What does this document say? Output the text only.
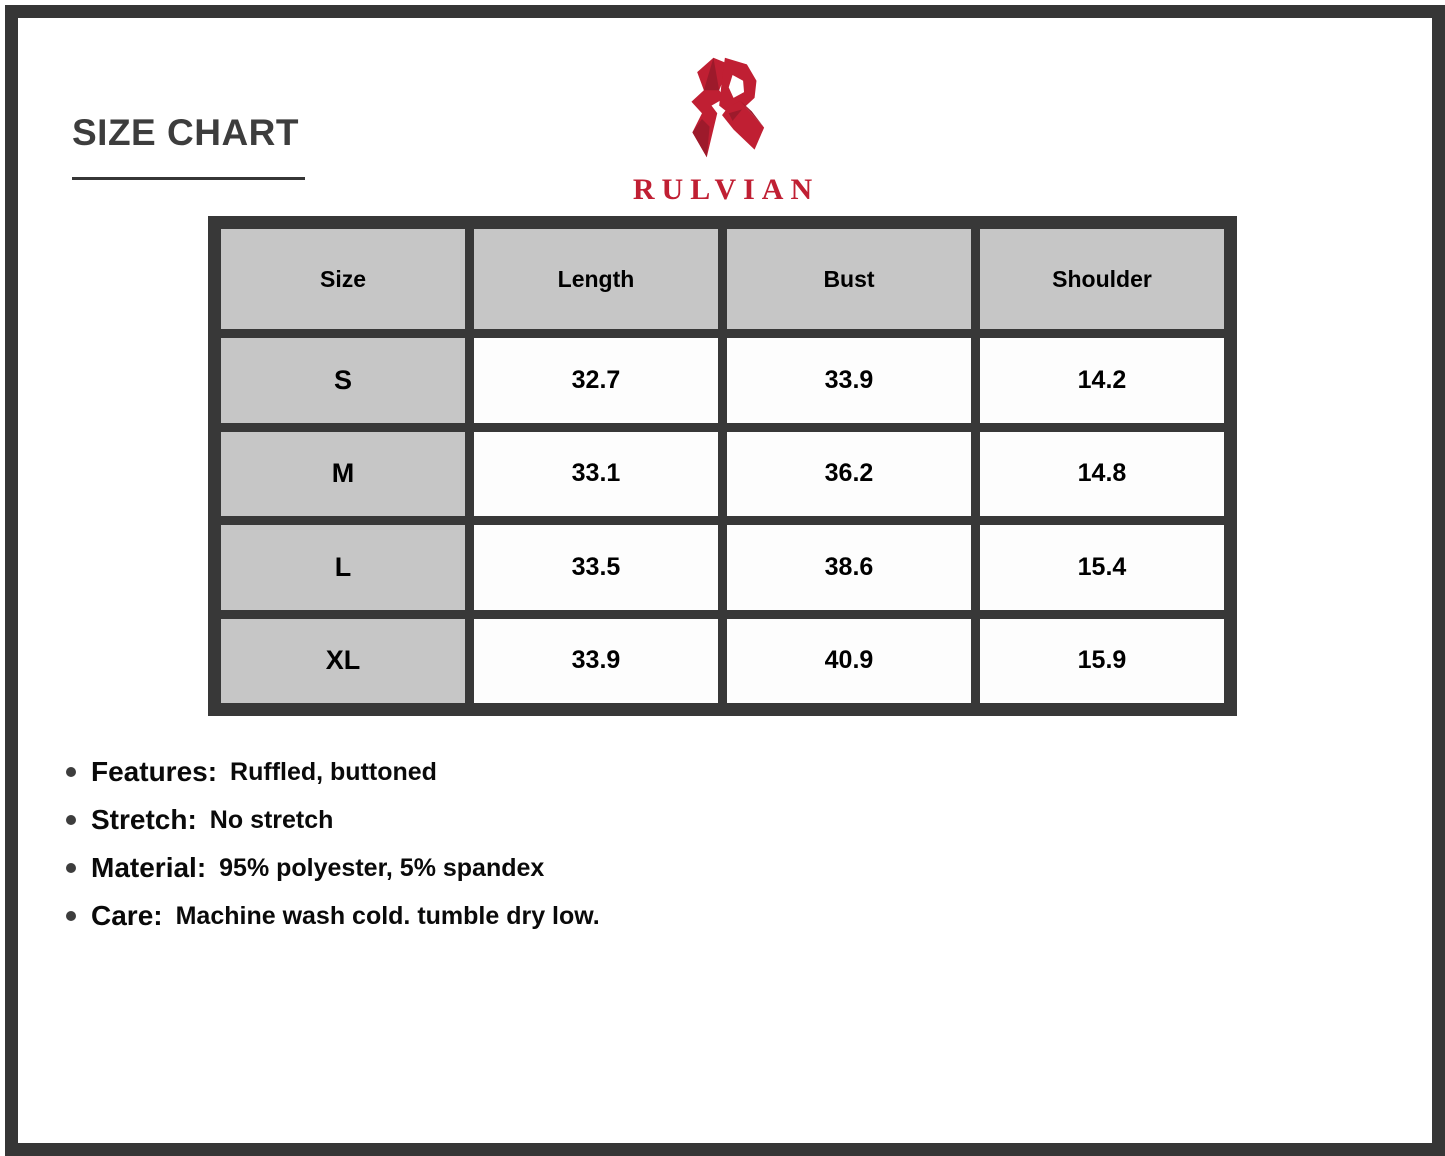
SIZE CHART
RULVIAN
Size	Length	Bust	Shoulder
S	32.7	33.9	14.2
M	33.1	36.2	14.8
L	33.5	38.6	15.4
XL	33.9	40.9	15.9
Features: Ruffled, buttoned
Stretch: No stretch
Material: 95% polyester, 5% spandex
Care: Machine wash cold. tumble dry low.
